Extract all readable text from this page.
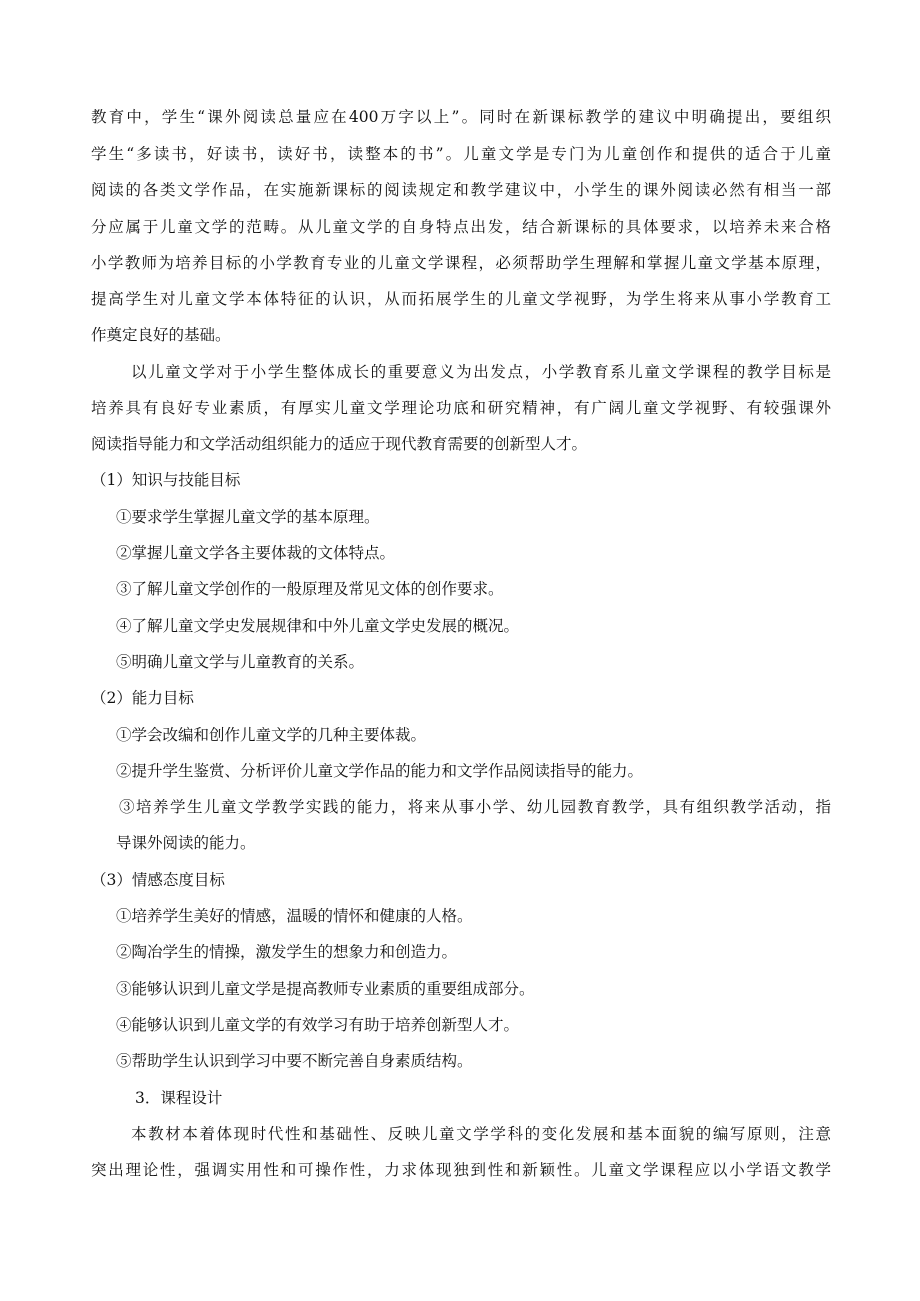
教育中，学生“课外阅读总量应在400万字以上”。同时在新课标教学的建议中明确提出，要组织
学生“多读书，好读书，读好书，读整本的书”。儿童文学是专门为儿童创作和提供的适合于儿童
阅读的各类文学作品，在实施新课标的阅读规定和教学建议中，小学生的课外阅读必然有相当一部
分应属于儿童文学的范畴。从儿童文学的自身特点出发，结合新课标的具体要求，以培养未来合格
小学教师为培养目标的小学教育专业的儿童文学课程，必须帮助学生理解和掌握儿童文学基本原理，
提高学生对儿童文学本体特征的认识，从而拓展学生的儿童文学视野，为学生将来从事小学教育工
作奠定良好的基础。
以儿童文学对于小学生整体成长的重要意义为出发点，小学教育系儿童文学课程的教学目标是
培养具有良好专业素质，有厚实儿童文学理论功底和研究精神，有广阔儿童文学视野、有较强课外
阅读指导能力和文学活动组织能力的适应于现代教育需要的创新型人才。
（1）知识与技能目标
①要求学生掌握儿童文学的基本原理。
②掌握儿童文学各主要体裁的文体特点。
③了解儿童文学创作的一般原理及常见文体的创作要求。
④了解儿童文学史发展规律和中外儿童文学史发展的概况。
⑤明确儿童文学与儿童教育的关系。
（2）能力目标
①学会改编和创作儿童文学的几种主要体裁。
②提升学生鉴赏、分析评价儿童文学作品的能力和文学作品阅读指导的能力。
③培养学生儿童文学教学实践的能力，将来从事小学、幼儿园教育教学，具有组织教学活动，指
导课外阅读的能力。
（3）情感态度目标
①培养学生美好的情感，温暖的情怀和健康的人格。
②陶冶学生的情操，激发学生的想象力和创造力。
③能够认识到儿童文学是提高教师专业素质的重要组成部分。
④能够认识到儿童文学的有效学习有助于培养创新型人才。
⑤帮助学生认识到学习中要不断完善自身素质结构。
3．课程设计
本教材本着体现时代性和基础性、反映儿童文学学科的变化发展和基本面貌的编写原则，注意
突出理论性，强调实用性和可操作性，力求体现独到性和新颖性。儿童文学课程应以小学语文教学
